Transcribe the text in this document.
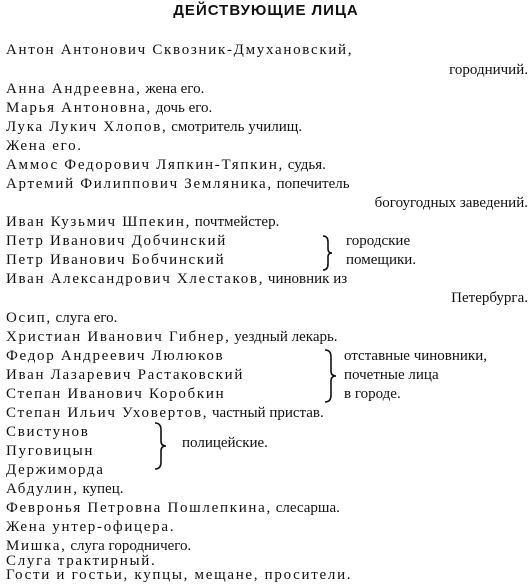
ДЕЙСТВУЮЩИЕ ЛИЦА
Антон Антонович Сквозник-Дмухановский,
городничий.
Анна Андреевна, жена его.
Марья Антоновна, дочь его.
Лука Лукич Хлопов, смотритель училищ.
Жена его.
Аммос Федорович Ляпкин-Тяпкин, судья.
Артемий Филиппович Земляника, попечитель
богоугодных заведений.
Иван Кузьмич Шпекин, почтмейстер.
Петр Иванович Добчинский
Петр Иванович Бобчинский
городские
помещики.
Иван Александрович Хлестаков, чиновник из
Петербурга.
Осип, слуга его.
Христиан Иванович Гибнер, уездный лекарь.
Федор Андреевич Люлюков
Иван Лазаревич Растаковский
Степан Иванович Коробкин
отставные чиновники,
почетные лица
в городе.
Степан Ильич Уховертов, частный пристав.
Свистунов
Пуговицын
Держиморда
полицейские.
Абдулин, купец.
Февронья Петровна Пошлепкина, слесарша.
Жена унтер-офицера.
Мишка, слуга городничего.
Слуга трактирный.
Гости и гостьи, купцы, мещане, просители.
